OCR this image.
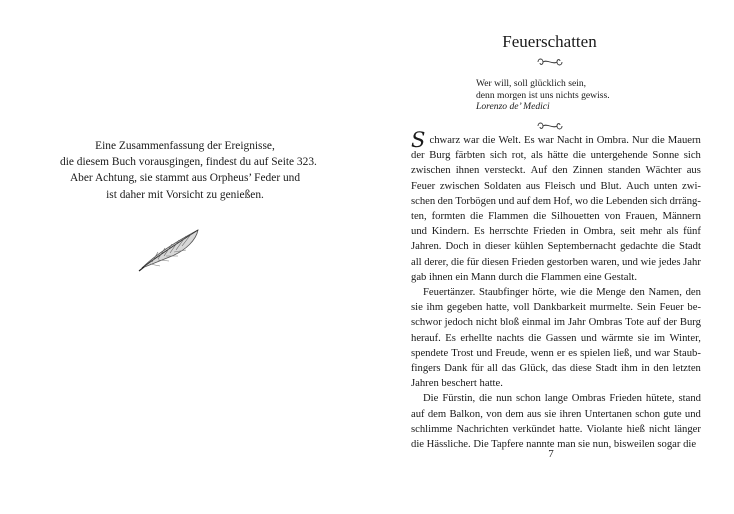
Eine Zusammenfassung der Ereignisse,
die diesem Buch vorausgingen, findest du auf Seite 323.
Aber Achtung, sie stammt aus Orpheus’ Feder und
ist daher mit Vorsicht zu genießen.
Feuerschatten
Wer will, soll glücklich sein,
denn morgen ist uns nichts gewiss.
Lorenzo de’ Medici
S chwarz war die Welt. Es war Nacht in Ombra. Nur die Mauern
der Burg färbten sich rot, als hätte die untergehende Sonne sich
zwischen ihnen versteckt. Auf den Zinnen standen Wächter aus
Feuer zwischen Soldaten aus Fleisch und Blut. Auch unten zwi-
schen den Torbögen und auf dem Hof, wo die Lebenden sich drräng-
ten, formten die Flammen die Silhouetten von Frauen, Männern
und Kindern. Es herrschte Frieden in Ombra, seit mehr als fünf
Jahren. Doch in dieser kühlen Septembernacht gedachte die Stadt
all derer, die für diesen Frieden gestorben waren, und wie jedes Jahr
gab ihnen ein Mann durch die Flammen eine Gestalt.
Feuertänzer. Staubfinger hörte, wie die Menge den Namen, den
sie ihm gegeben hatte, voll Dankbarkeit murmelte. Sein Feuer be-
schwor jedoch nicht bloß einmal im Jahr Ombras Tote auf der Burg
herauf. Es erhellte nachts die Gassen und wärmte sie im Winter,
spendete Trost und Freude, wenn er es spielen ließ, und war Staub-
fingers Dank für all das Glück, das diese Stadt ihm in den letzten
Jahren beschert hatte.
Die Fürstin, die nun schon lange Ombras Frieden hütete, stand
auf dem Balkon, von dem aus sie ihren Untertanen schon gute und
schlimme Nachrichten verkündet hatte. Violante hieß nicht länger
die Hässliche. Die Tapfere nannte man sie nun, bisweilen sogar die
7
